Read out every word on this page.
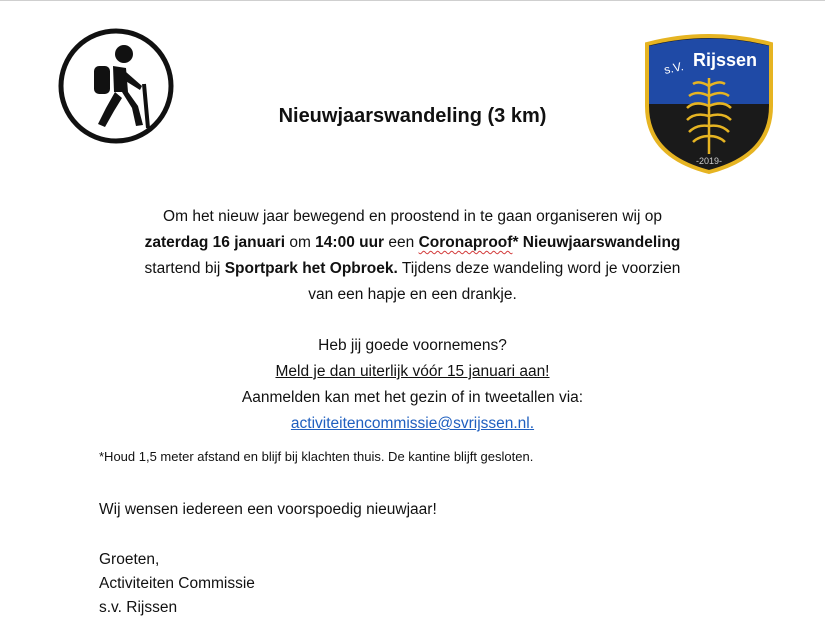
s.V. Rijssen
-2019-
Nieuwjaarswandeling (3 km)

Om het nieuw jaar bewegend en proostend in te gaan organiseren wij op

zaterdag 16 januari om 14:00 uur een Coronaproof* Nieuwjaarswandeling

startend bij Sportpark het Opbroek. Tijdens deze wandeling word je voorzien

van een hapje en een drankje.

Heb jij goede voornemens?

Meld je dan uiterlijk vóór 15 januari aan!

Aanmelden kan met het gezin of in tweetallen via:

activiteitencommissie@svrijssen.nl.

*Houd 1,5 meter afstand en blijf bij klachten thuis. De kantine blijft gesloten.
Wij wensen iedereen een voorspoedig nieuwjaar!
Groeten,
Activiteiten Commissie
s.v. Rijssen
